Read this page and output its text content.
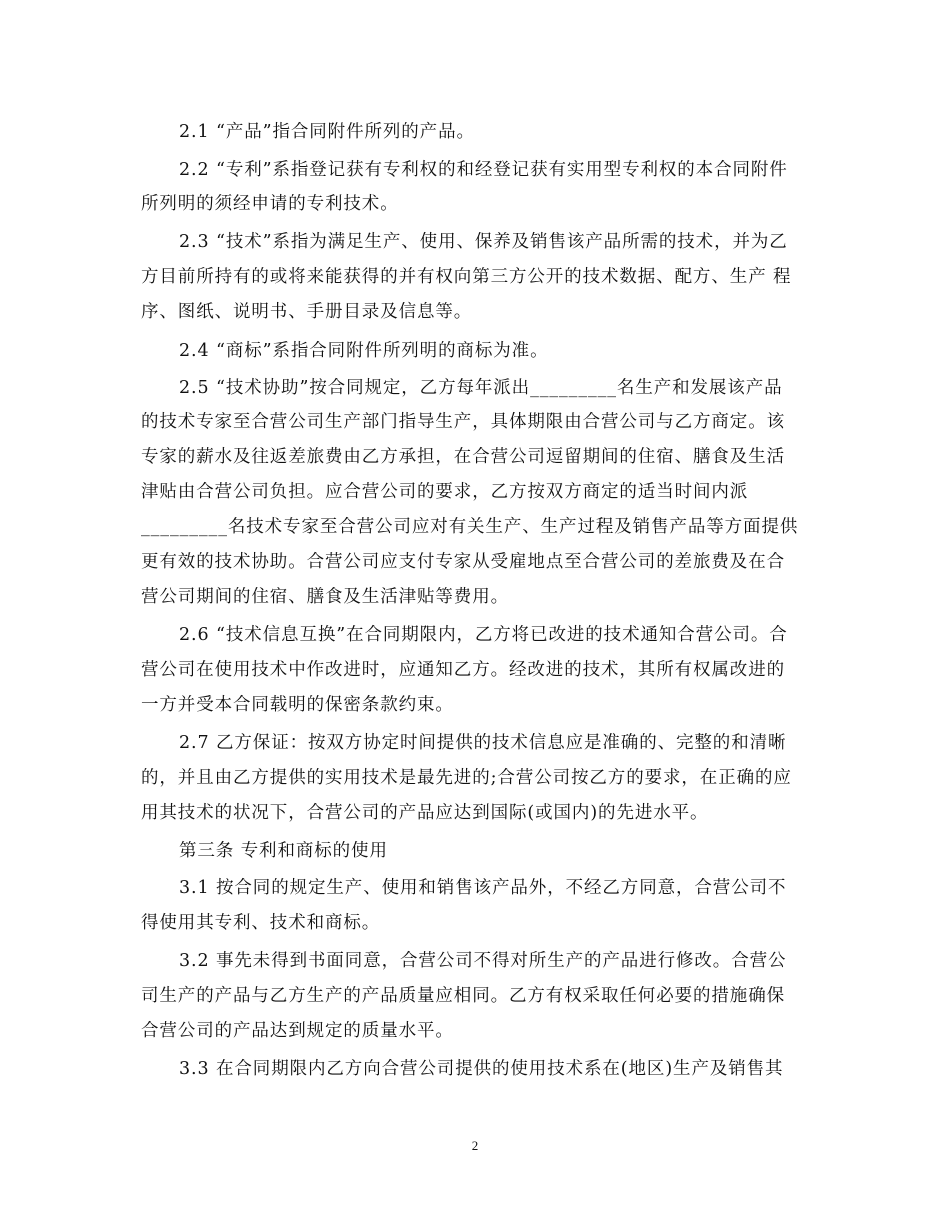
2.1 “产品”指合同附件所列的产品。
2.2 “专利”系指登记获有专利权的和经登记获有实用型专利权的本合同附件
所列明的须经申请的专利技术。
2.3 “技术”系指为满足生产、使用、保养及销售该产品所需的技术，并为乙
方目前所持有的或将来能获得的并有权向第三方公开的技术数据、配方、生产 程
序、图纸、说明书、手册目录及信息等。
2.4 “商标”系指合同附件所列明的商标为准。
2.5 “技术协助”按合同规定，乙方每年派出_________名生产和发展该产品
的技术专家至合营公司生产部门指导生产，具体期限由合营公司与乙方商定。该
专家的薪水及往返差旅费由乙方承担，在合营公司逗留期间的住宿、膳食及生活
津贴由合营公司负担。应合营公司的要求，乙方按双方商定的适当时间内派
_________名技术专家至合营公司应对有关生产、生产过程及销售产品等方面提供
更有效的技术协助。合营公司应支付专家从受雇地点至合营公司的差旅费及在合
营公司期间的住宿、膳食及生活津贴等费用。
2.6 “技术信息互换”在合同期限内，乙方将已改进的技术通知合营公司。合
营公司在使用技术中作改进时，应通知乙方。经改进的技术，其所有权属改进的
一方并受本合同载明的保密条款约束。
2.7 乙方保证：按双方协定时间提供的技术信息应是准确的、完整的和清晰
的，并且由乙方提供的实用技术是最先进的;合营公司按乙方的要求，在正确的应
用其技术的状况下，合营公司的产品应达到国际(或国内)的先进水平。
第三条 专利和商标的使用
3.1 按合同的规定生产、使用和销售该产品外，不经乙方同意，合营公司不
得使用其专利、技术和商标。
3.2 事先未得到书面同意，合营公司不得对所生产的产品进行修改。合营公
司生产的产品与乙方生产的产品质量应相同。乙方有权采取任何必要的措施确保
合营公司的产品达到规定的质量水平。
3.3 在合同期限内乙方向合营公司提供的使用技术系在(地区)生产及销售其
2
